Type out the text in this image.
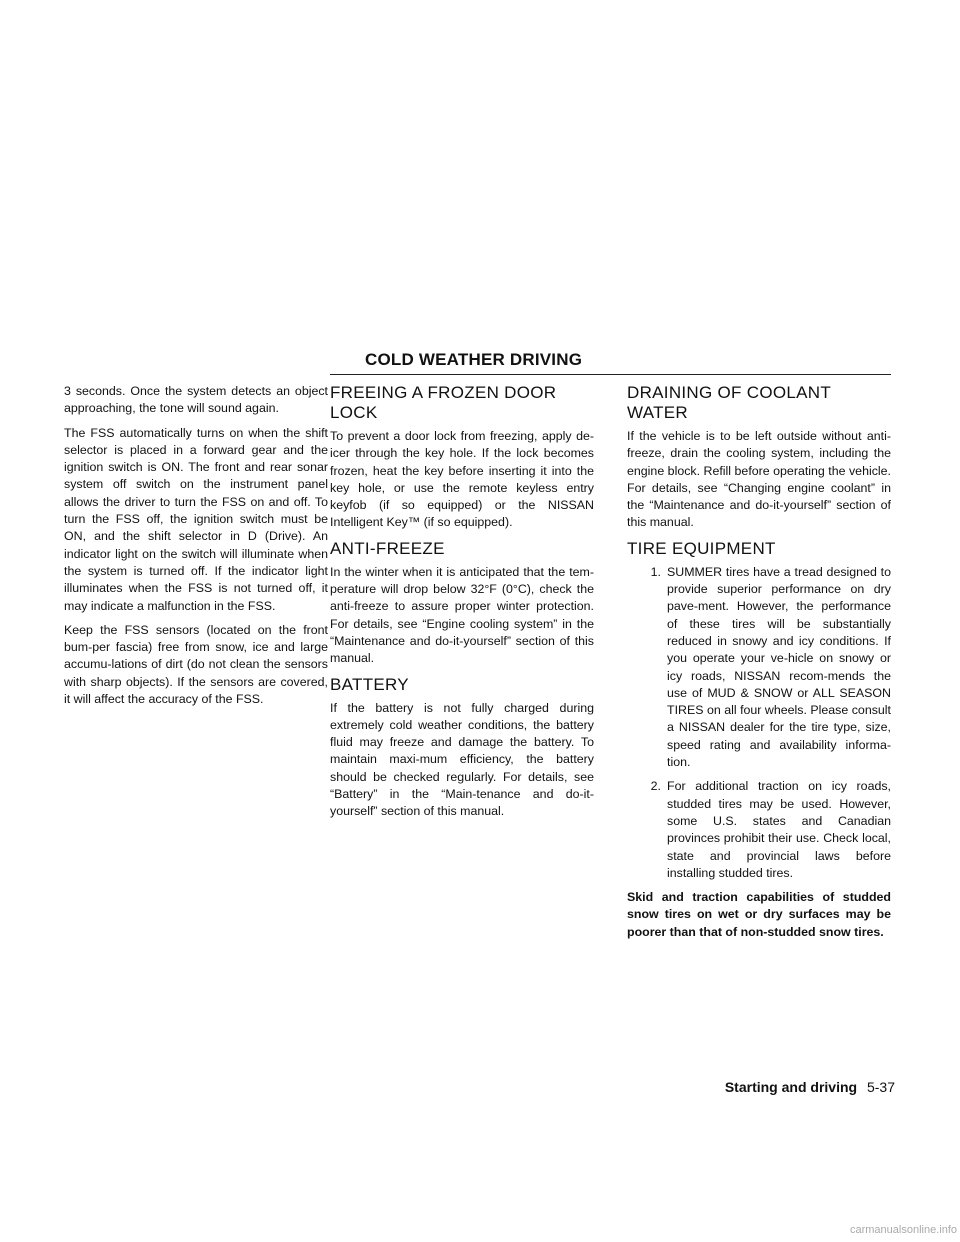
COLD WEATHER DRIVING

3 seconds. Once the system detects an object approaching, the tone will sound again.

The FSS automatically turns on when the shift selector is placed in a forward gear and the ignition switch is ON. The front and rear sonar system off switch on the instrument panel allows the driver to turn the FSS on and off. To turn the FSS off, the ignition switch must be ON, and the shift selector in D (Drive). An indicator light on the switch will illuminate when the system is turned off. If the indicator light illuminates when the FSS is not turned off, it may indicate a malfunction in the FSS.

Keep the FSS sensors (located on the front bum-per fascia) free from snow, ice and large accumu-lations of dirt (do not clean the sensors with sharp objects). If the sensors are covered, it will affect the accuracy of the FSS.

FREEING A FROZEN DOOR LOCK

To prevent a door lock from freezing, apply de-icer through the key hole. If the lock becomes frozen, heat the key before inserting it into the key hole, or use the remote keyless entry keyfob (if so equipped) or the NISSAN Intelligent Key™ (if so equipped).

ANTI-FREEZE

In the winter when it is anticipated that the tem-perature will drop below 32°F (0°C), check the anti-freeze to assure proper winter protection. For details, see “Engine cooling system” in the “Maintenance and do-it-yourself” section of this manual.

BATTERY

If the battery is not fully charged during extremely cold weather conditions, the battery fluid may freeze and damage the battery. To maintain maxi-mum efficiency, the battery should be checked regularly. For details, see “Battery” in the “Main-tenance and do-it-yourself” section of this manual.

DRAINING OF COOLANT WATER

If the vehicle is to be left outside without anti-freeze, drain the cooling system, including the engine block. Refill before operating the vehicle. For details, see “Changing engine coolant” in the “Maintenance and do-it-yourself” section of this manual.

TIRE EQUIPMENT
1. SUMMER tires have a tread designed to provide superior performance on dry pave-ment. However, the performance of these tires will be substantially reduced in snowy and icy conditions. If you operate your ve-hicle on snowy or icy roads, NISSAN recom-mends the use of MUD & SNOW or ALL SEASON TIRES on all four wheels. Please consult a NISSAN dealer for the tire type, size, speed rating and availability informa-tion.
2. For additional traction on icy roads, studded tires may be used. However, some U.S. states and Canadian provinces prohibit their use. Check local, state and provincial laws before installing studded tires.

Skid and traction capabilities of studded snow tires on wet or dry surfaces may be poorer than that of non-studded snow tires.

Starting and driving 5-37
carmanualsonline.info
